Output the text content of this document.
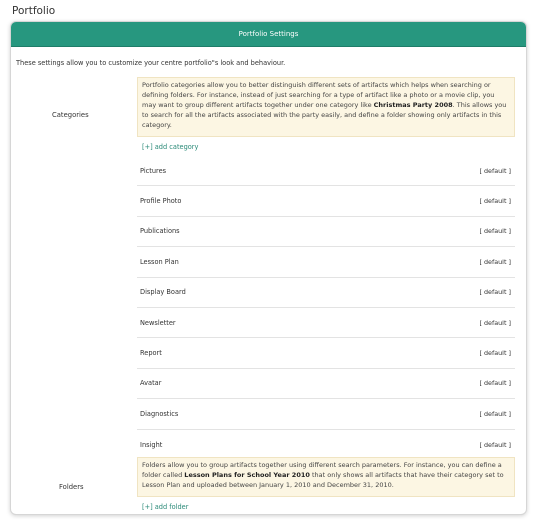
Portfolio
Portfolio Settings
These settings allow you to customize your centre portfolio"s look and behaviour.
Categories
Portfolio categories allow you to better distinguish different sets of artifacts which helps when searching or defining folders. For instance, instead of just searching for a type of artifact like a photo or a movie clip, you may want to group different artifacts together under one category like Christmas Party 2008. This allows you to search for all the artifacts associated with the party easily, and define a folder showing only artifacts in this category.
[+] add category
Pictures	[ default ]
Profile Photo	[ default ]
Publications	[ default ]
Lesson Plan	[ default ]
Display Board	[ default ]
Newsletter	[ default ]
Report	[ default ]
Avatar	[ default ]
Diagnostics	[ default ]
Insight	[ default ]
Folders
Folders allow you to group artifacts together using different search parameters. For instance, you can define a folder called Lesson Plans for School Year 2010 that only shows all artifacts that have their category set to Lesson Plan and uploaded between January 1, 2010 and December 31, 2010.
[+] add folder
